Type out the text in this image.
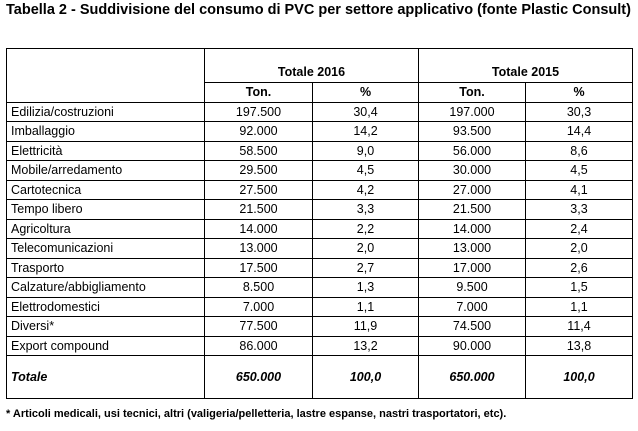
Tabella 2 - Suddivisione del consumo di PVC per settore applicativo (fonte Plastic Consult)

	Totale 2016		Totale 2015	
	Ton.	%	Ton.	%
Edilizia/costruzioni	197.500	30,4	197.000	30,3
Imballaggio	92.000	14,2	93.500	14,4
Elettricità	58.500	9,0	56.000	8,6
Mobile/arredamento	29.500	4,5	30.000	4,5
Cartotecnica	27.500	4,2	27.000	4,1
Tempo libero	21.500	3,3	21.500	3,3
Agricoltura	14.000	2,2	14.000	2,4
Telecomunicazioni	13.000	2,0	13.000	2,0
Trasporto	17.500	2,7	17.000	2,6
Calzature/abbigliamento	8.500	1,3	9.500	1,5
Elettrodomestici	7.000	1,1	7.000	1,1
Diversi*	77.500	11,9	74.500	11,4
Export compound	86.000	13,2	90.000	13,8
Totale	650.000	100,0	650.000	100,0
* Articoli medicali, usi tecnici, altri (valigeria/pelletteria, lastre espanse, nastri trasportatori, etc).
